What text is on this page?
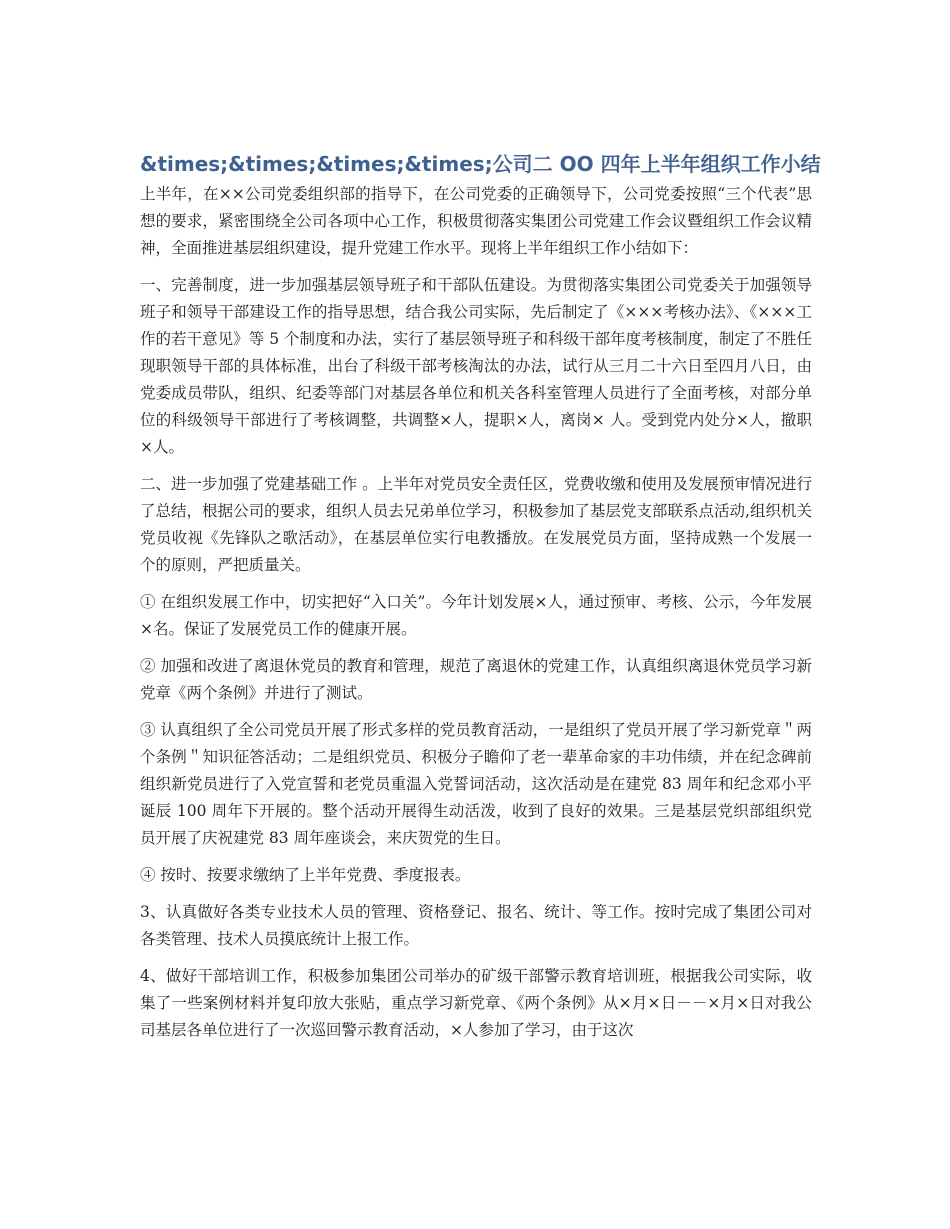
&times;&times;&times;&times;公司二 OO 四年上半年组织工作小结

上半年，在××公司党委组织部的指导下，在公司党委的正确领导下，公司党委按照“三个代表”思想的要求，紧密围绕全公司各项中心工作，积极贯彻落实集团公司党建工作会议暨组织工作会议精神，全面推进基层组织建设，提升党建工作水平。现将上半年组织工作小结如下：

一、完善制度，进一步加强基层领导班子和干部队伍建设。为贯彻落实集团公司党委关于加强领导班子和领导干部建设工作的指导思想，结合我公司实际，先后制定了《×××考核办法》、《×××工作的若干意见》等 5 个制度和办法，实行了基层领导班子和科级干部年度考核制度，制定了不胜任现职领导干部的具体标准，出台了科级干部考核淘汰的办法，试行从三月二十六日至四月八日，由党委成员带队，组织、纪委等部门对基层各单位和机关各科室管理人员进行了全面考核，对部分单位的科级领导干部进行了考核调整，共调整×人，提职×人，离岗× 人。受到党内处分×人，撤职×人。

二、进一步加强了党建基础工作 。上半年对党员安全责任区，党费收缴和使用及发展预审情况进行了总结，根据公司的要求，组织人员去兄弟单位学习，积极参加了基层党支部联系点活动,组织机关党员收视《先锋队之歌活动》，在基层单位实行电教播放。在发展党员方面，坚持成熟一个发展一个的原则，严把质量关。

① 在组织发展工作中，切实把好“入口关”。今年计划发展×人，通过预审、考核、公示，今年发展×名。保证了发展党员工作的健康开展。

② 加强和改进了离退休党员的教育和管理，规范了离退休的党建工作，认真组织离退休党员学习新党章《两个条例》并进行了测试。

③ 认真组织了全公司党员开展了形式多样的党员教育活动，一是组织了党员开展了学习新党章＂两个条例＂知识征答活动；二是组织党员、积极分子瞻仰了老一辈革命家的丰功伟绩，并在纪念碑前组织新党员进行了入党宣誓和老党员重温入党誓词活动，这次活动是在建党 83 周年和纪念邓小平诞辰 100 周年下开展的。整个活动开展得生动活泼，收到了良好的效果。三是基层党织部组织党员开展了庆祝建党 83 周年座谈会，来庆贺党的生日。

④ 按时、按要求缴纳了上半年党费、季度报表。

3、认真做好各类专业技术人员的管理、资格登记、报名、统计、等工作。按时完成了集团公司对各类管理、技术人员摸底统计上报工作。

4、做好干部培训工作，积极参加集团公司举办的矿级干部警示教育培训班，根据我公司实际，收集了一些案例材料并复印放大张贴，重点学习新党章、《两个条例》从×月×日－－×月×日对我公司基层各单位进行了一次巡回警示教育活动，×人参加了学习，由于这次
